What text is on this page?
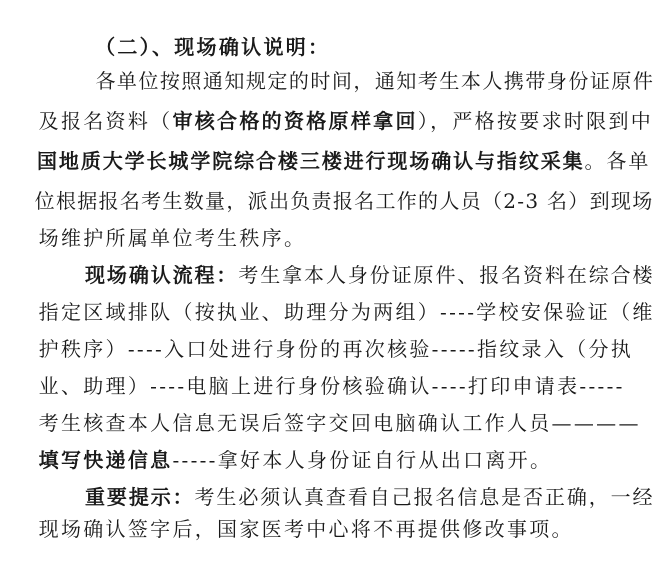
（二）、现场确认说明：

各单位按照通知规定的时间，通知考生本人携带身份证原件

及报名资料（审核合格的资格原样拿回），严格按要求时限到中

国地质大学长城学院综合楼三楼进行现场确认与指纹采集。各单

位根据报名考生数量，派出负责报名工作的人员（2-3 名）到现场

场维护所属单位考生秩序。

现场确认流程：考生拿本人身份证原件、报名资料在综合楼

指定区域排队（按执业、助理分为两组）----学校安保验证（维

护秩序）----入口处进行身份的再次核验-----指纹录入（分执

业、助理）----电脑上进行身份核验确认----打印申请表-----

考生核查本人信息无误后签字交回电脑确认工作人员————

填写快递信息-----拿好本人身份证自行从出口离开。

重要提示：考生必须认真查看自己报名信息是否正确，一经

现场确认签字后，国家医考中心将不再提供修改事项。
